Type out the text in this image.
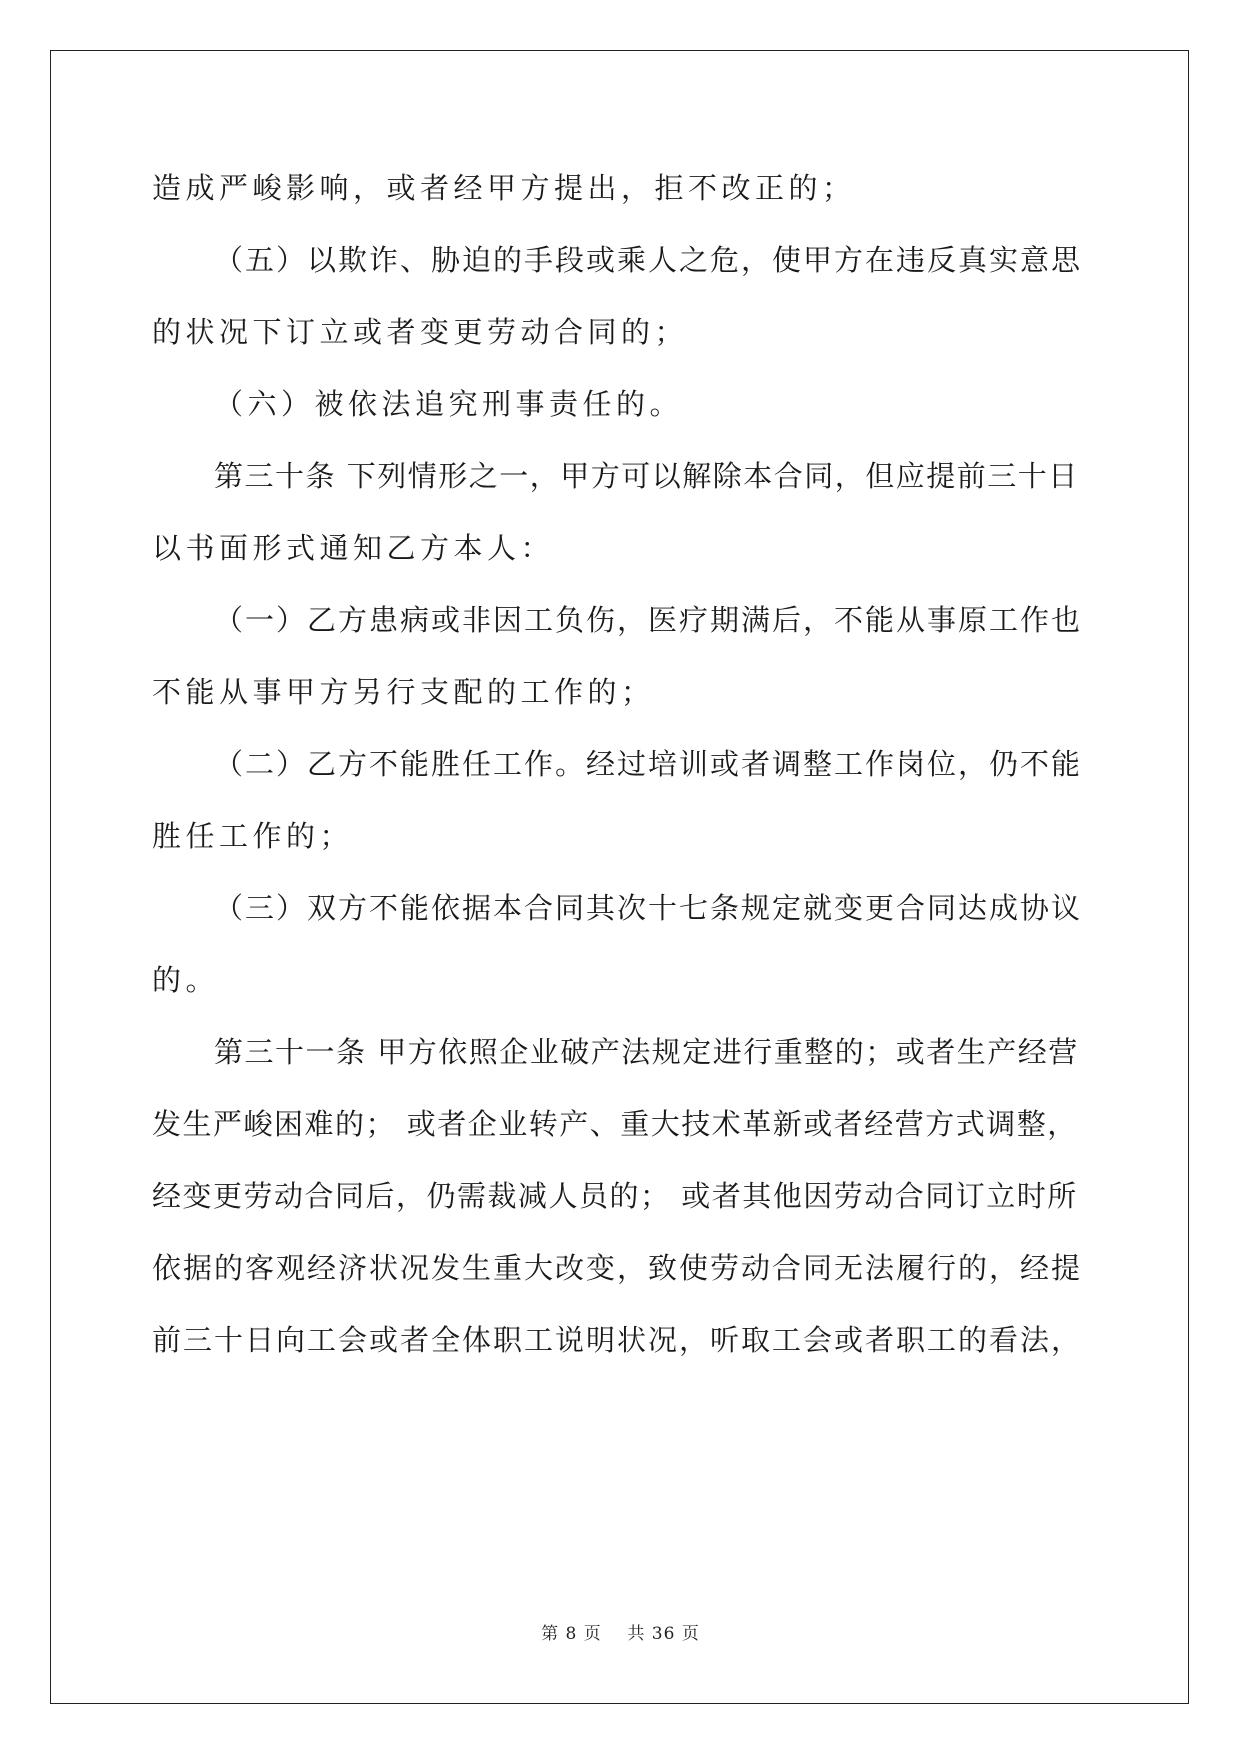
造成严峻影响，或者经甲方提出，拒不改正的；
（五）以欺诈、胁迫的手段或乘人之危，使甲方在违反真实意思
的状况下订立或者变更劳动合同的；
（六）被依法追究刑事责任的。
第三十条 下列情形之一，甲方可以解除本合同，但应提前三十日
以书面形式通知乙方本人：
（一）乙方患病或非因工负伤，医疗期满后，不能从事原工作也
不能从事甲方另行支配的工作的；
（二）乙方不能胜任工作。经过培训或者调整工作岗位，仍不能
胜任工作的；
（三）双方不能依据本合同其次十七条规定就变更合同达成协议
的。
第三十一条 甲方依照企业破产法规定进行重整的；或者生产经营
发生严峻困难的； 或者企业转产、重大技术革新或者经营方式调整，
经变更劳动合同后，仍需裁减人员的； 或者其他因劳动合同订立时所
依据的客观经济状况发生重大改变，致使劳动合同无法履行的，经提
前三十日向工会或者全体职工说明状况，听取工会或者职工的看法，
第 8 页    共 36 页
